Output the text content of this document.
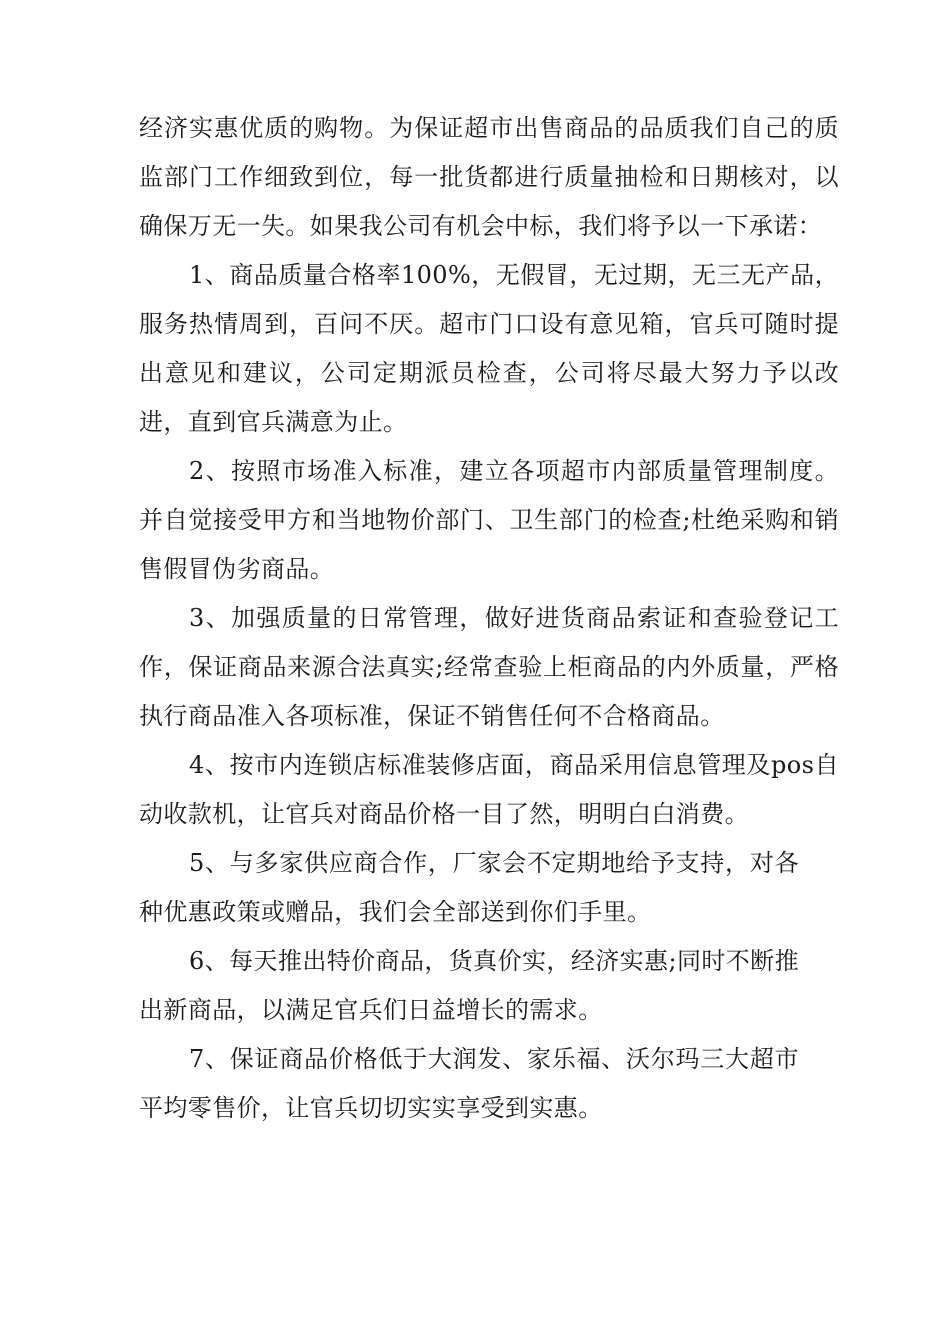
经济实惠优质的购物。为保证超市出售商品的品质我们自己的质监部门工作细致到位，每一批货都进行质量抽检和日期核对，以确保万无一失。如果我公司有机会中标，我们将予以一下承诺：

1、商品质量合格率100%，无假冒，无过期，无三无产品，服务热情周到，百问不厌。超市门口设有意见箱，官兵可随时提出意见和建议，公司定期派员检查，公司将尽最大努力予以改进，直到官兵满意为止。

2、按照市场准入标准，建立各项超市内部质量管理制度。并自觉接受甲方和当地物价部门、卫生部门的检查;杜绝采购和销售假冒伪劣商品。

3、加强质量的日常管理，做好进货商品索证和查验登记工作，保证商品来源合法真实;经常查验上柜商品的内外质量，严格执行商品准入各项标准，保证不销售任何不合格商品。

4、按市内连锁店标准装修店面，商品采用信息管理及pos自动收款机，让官兵对商品价格一目了然，明明白白消费。

5、与多家供应商合作，厂家会不定期地给予支持，对各种优惠政策或赠品，我们会全部送到你们手里。

6、每天推出特价商品，货真价实，经济实惠;同时不断推出新商品，以满足官兵们日益增长的需求。

7、保证商品价格低于大润发、家乐福、沃尔玛三大超市平均零售价，让官兵切切实实享受到实惠。
